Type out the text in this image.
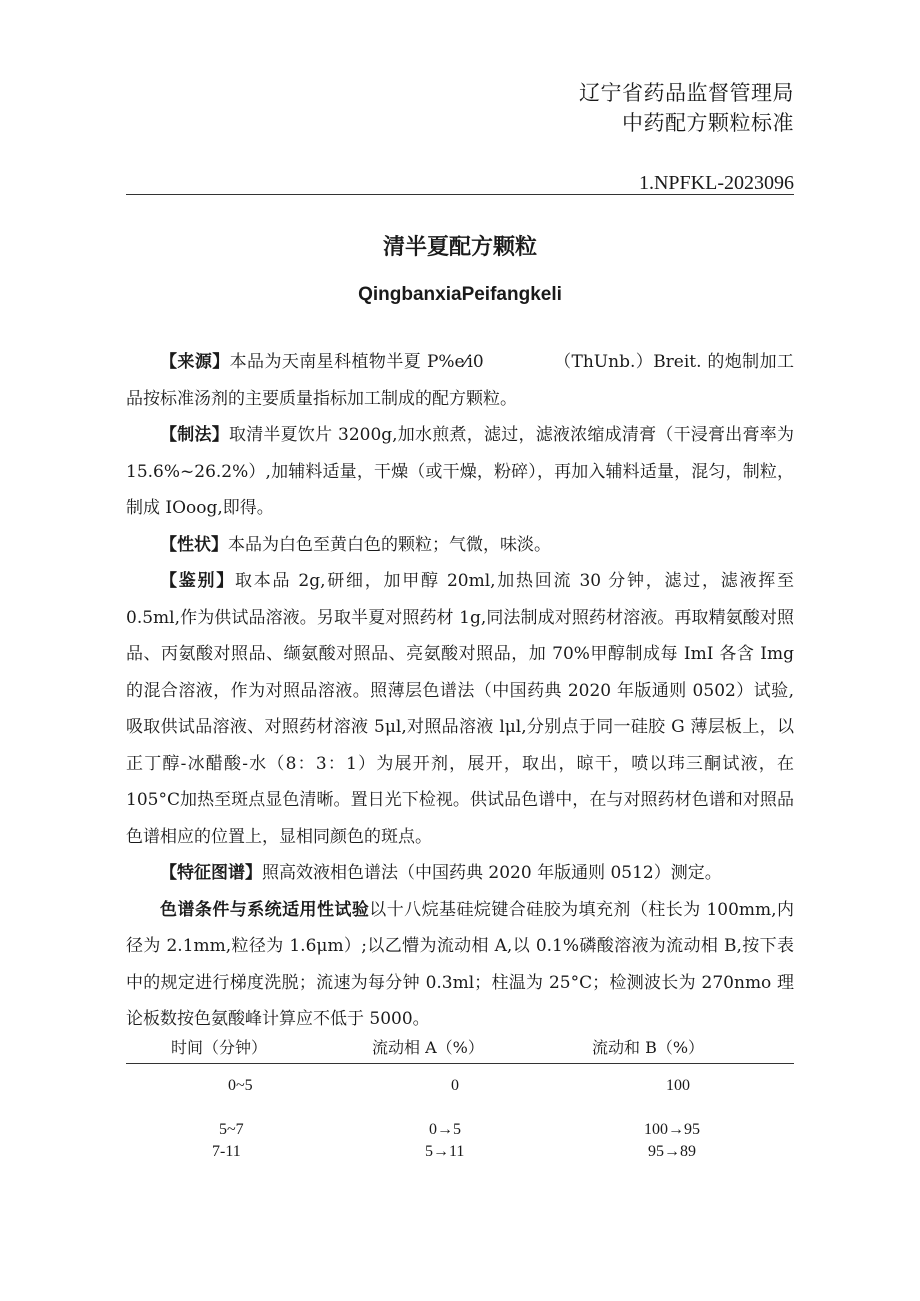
辽宁省药品监督管理局
中药配方颗粒标准
1.NPFKL-2023096
清半夏配方颗粒
QingbanxiaPeifangkeli

【来源】本品为天南星科植物半夏 P%e⁄i0	（ThUnb.）Breit. 的炮制加工品按标准汤剂的主要质量指标加工制成的配方颗粒。

【制法】取清半夏饮片 3200g,加水煎煮，滤过，滤液浓缩成清膏（干浸膏出膏率为 15.6%~26.2%）,加辅料适量，干燥（或干燥，粉碎），再加入辅料适量，混匀，制粒，制成 IOoog,即得。

【性状】本品为白色至黄白色的颗粒；气微，味淡。

【鉴别】取本品 2g,研细，加甲醇 20ml,加热回流 30 分钟，滤过，滤液挥至 0.5ml,作为供试品溶液。另取半夏对照药材 1g,同法制成对照药材溶液。再取精氨酸对照品、丙氨酸对照品、缬氨酸对照品、亮氨酸对照品，加 70%甲醇制成每 ImI 各含 Img 的混合溶液，作为对照品溶液。照薄层色谱法（中国药典 2020 年版通则 0502）试验, 吸取供试品溶液、对照药材溶液 5μl,对照品溶液 lμl,分别点于同一硅胶 G 薄层板上，以正丁醇-冰醋酸-水（8：3：1）为展开剂，展开，取出，晾干，喷以玮三酮试液，在 105°C加热至斑点显色清晰。置日光下检视。供试品色谱中，在与对照药材色谱和对照品色谱相应的位置上，显相同颜色的斑点。

【特征图谱】照高效液相色谱法（中国药典 2020 年版通则 0512）测定。

色谱条件与系统适用性试验以十八烷基硅烷键合硅胶为填充剂（柱长为 100mm,内径为 2.1mm,粒径为 1.6μm）;以乙懵为流动相 A,以 0.1%磷酸溶液为流动相 B,按下表中的规定进行梯度洗脱；流速为每分钟 0.3ml；柱温为 25°C；检测波长为 270nmo 理论板数按色氨酸峰计算应不低于 5000。

时间（分钟）	流动相 A（%）	流动和 B（%）
0~5	0	100
5~7	0→5	100→95
7-11	5→11	95→89
